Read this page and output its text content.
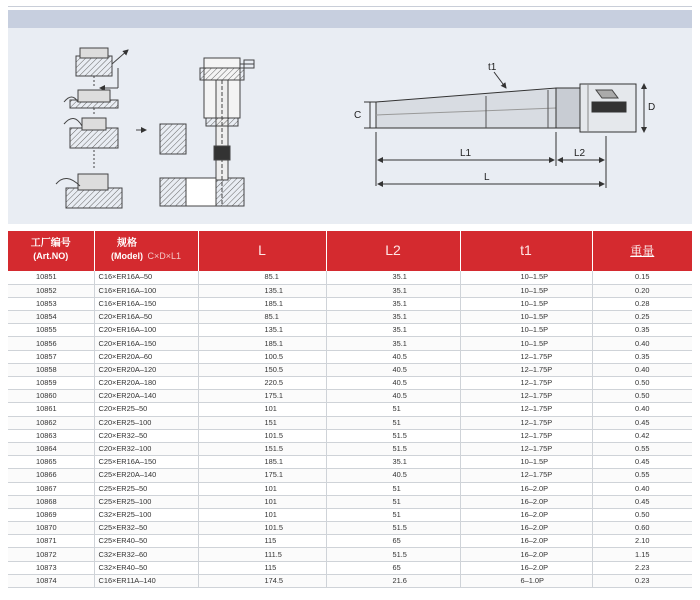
t1
C
D
L1	L2
L
工厂编号
(Art.NO)	规格
(Model) C×D×L1	L	L2	t1	重量
10851	C16×ER16A–50	85.1	35.1	10–1.5P	0.15
10852	C16×ER16A–100	135.1	35.1	10–1.5P	0.20
10853	C16×ER16A–150	185.1	35.1	10–1.5P	0.28
10854	C20×ER16A–50	85.1	35.1	10–1.5P	0.25
10855	C20×ER16A–100	135.1	35.1	10–1.5P	0.35
10856	C20×ER16A–150	185.1	35.1	10–1.5P	0.40
10857	C20×ER20A–60	100.5	40.5	12–1.75P	0.35
10858	C20×ER20A–120	150.5	40.5	12–1.75P	0.40
10859	C20×ER20A–180	220.5	40.5	12–1.75P	0.50
10860	C20×ER20A–140	175.1	40.5	12–1.75P	0.50
10861	C20×ER25–50	101	51	12–1.75P	0.40
10862	C20×ER25–100	151	51	12–1.75P	0.45
10863	C20×ER32–50	101.5	51.5	12–1.75P	0.42
10864	C20×ER32–100	151.5	51.5	12–1.75P	0.55
10865	C25×ER16A–150	185.1	35.1	10–1.5P	0.45
10866	C25×ER20A–140	175.1	40.5	12–1.75P	0.55
10867	C25×ER25–50	101	51	16–2.0P	0.40
10868	C25×ER25–100	101	51	16–2.0P	0.45
10869	C32×ER25–100	101	51	16–2.0P	0.50
10870	C25×ER32–50	101.5	51.5	16–2.0P	0.60
10871	C25×ER40–50	115	65	16–2.0P	2.10
10872	C32×ER32–60	111.5	51.5	16–2.0P	1.15
10873	C32×ER40–50	115	65	16–2.0P	2.23
10874	C16×ER11A–140	174.5	21.6	6–1.0P	0.23
